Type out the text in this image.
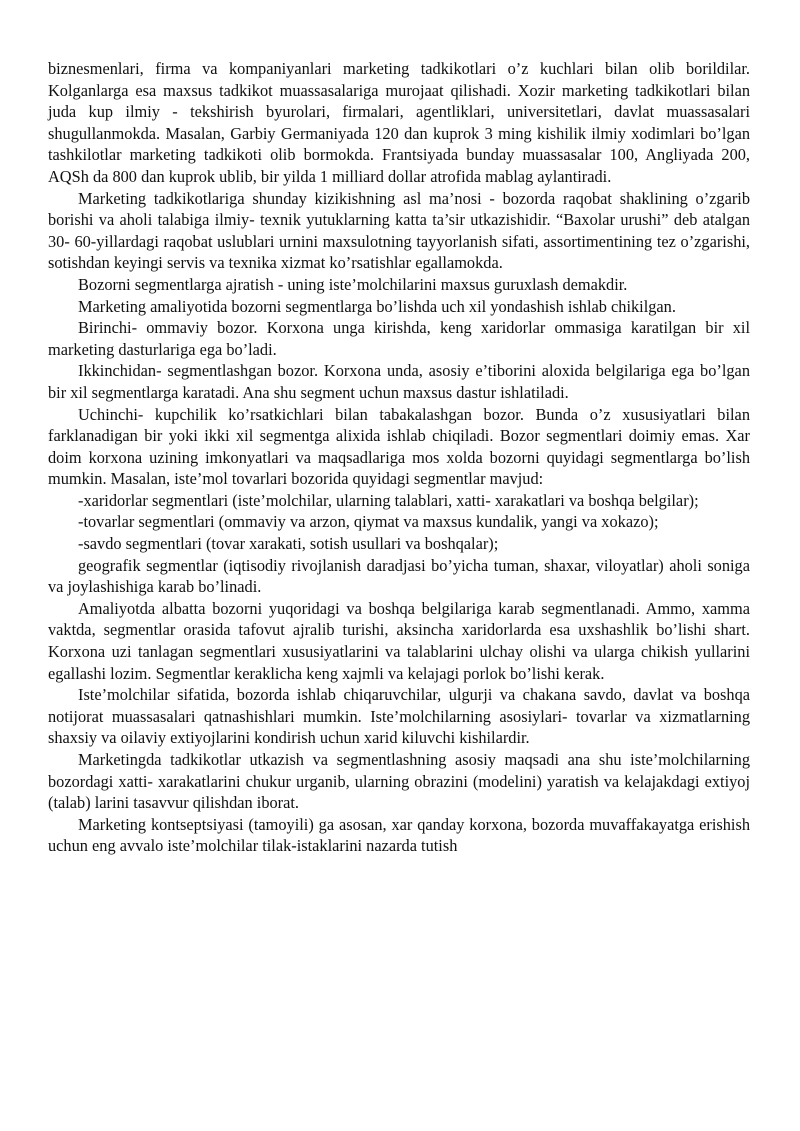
biznesmenlari, firma va kompaniyanlari marketing tadkikotlari o’z kuchlari bilan olib borildilar. Kolganlarga esa maxsus tadkikot muassasalariga murojaat qilishadi. Xozir marketing tadkikotlari bilan juda kup ilmiy - tekshirish byurolari, firmalari, agentliklari, universitetlari, davlat muassasalari shugullanmokda. Masalan, Garbiy Germaniyada 120 dan kuprok 3 ming kishilik ilmiy xodimlari bo’lgan tashkilotlar marketing tadkikoti olib bormokda. Frantsiyada bunday muassasalar 100, Angliyada 200, AQSh da 800 dan kuprok ublib, bir yilda 1 milliard dollar atrofida mablag aylantiradi.

Marketing tadkikotlariga shunday kizikishning asl ma’nosi - bozorda raqobat shaklining o’zgarib borishi va aholi talabiga ilmiy- texnik yutuklarning katta ta’sir utkazishidir. “Baxolar urushi” deb atalgan 30- 60-yillardagi raqobat uslublari urnini maxsulotning tayyorlanish sifati, assortimentining tez o’zgarishi, sotishdan keyingi servis va texnika xizmat ko’rsatishlar egallamokda.

Bozorni segmentlarga ajratish - uning iste’molchilarini maxsus guruxlash demakdir.

Marketing amaliyotida bozorni segmentlarga bo’lishda uch xil yondashish ishlab chikilgan.

Birinchi- ommaviy bozor. Korxona unga kirishda, keng xaridorlar ommasiga karatilgan bir xil marketing dasturlariga ega bo’ladi.

Ikkinchidan- segmentlashgan bozor. Korxona unda, asosiy e’tiborini aloxida belgilariga ega bo’lgan bir xil segmentlarga karatadi. Ana shu segment uchun maxsus dastur ishlatiladi.

Uchinchi- kupchilik ko’rsatkichlari bilan tabakalashgan bozor. Bunda o’z xususiyatlari bilan farklanadigan bir yoki ikki xil segmentga alixida ishlab chiqiladi. Bozor segmentlari doimiy emas. Xar doim korxona uzining imkonyatlari va maqsadlariga mos xolda bozorni quyidagi segmentlarga bo’lish mumkin. Masalan, iste’mol tovarlari bozorida quyidagi segmentlar mavjud:

-xaridorlar segmentlari (iste’molchilar, ularning talablari, xatti- xarakatlari va boshqa belgilar);

-tovarlar segmentlari (ommaviy va arzon, qiymat va maxsus kundalik, yangi va xokazo);

-savdo segmentlari (tovar xarakati, sotish usullari va boshqalar);

geografik segmentlar (iqtisodiy rivojlanish daradjasi bo’yicha tuman, shaxar, viloyatlar) aholi soniga va joylashishiga karab bo’linadi.

Amaliyotda albatta bozorni yuqoridagi va boshqa belgilariga karab segmentlanadi. Ammo, xamma vaktda, segmentlar orasida tafovut ajralib turishi, aksincha xaridorlarda esa uxshashlik bo’lishi shart. Korxona uzi tanlagan segmentlari xususiyatlarini va talablarini ulchay olishi va ularga chikish yullarini egallashi lozim. Segmentlar keraklicha keng xajmli va kelajagi porlok bo’lishi kerak.

Iste’molchilar sifatida, bozorda ishlab chiqaruvchilar, ulgurji va chakana savdo, davlat va boshqa notijorat muassasalari qatnashishlari mumkin. Iste’molchilarning asosiylari- tovarlar va xizmatlarning shaxsiy va oilaviy extiyojlarini kondirish uchun xarid kiluvchi kishilardir.

Marketingda tadkikotlar utkazish va segmentlashning asosiy maqsadi ana shu iste’molchilarning bozordagi xatti- xarakatlarini chukur urganib, ularning obrazini (modelini) yaratish va kelajakdagi extiyoj (talab) larini tasavvur qilishdan iborat.

Marketing kontseptsiyasi (tamoyili) ga asosan, xar qanday korxona, bozorda muvaffakayatga erishish uchun eng avvalo iste’molchilar tilak-istaklarini nazarda tutish
